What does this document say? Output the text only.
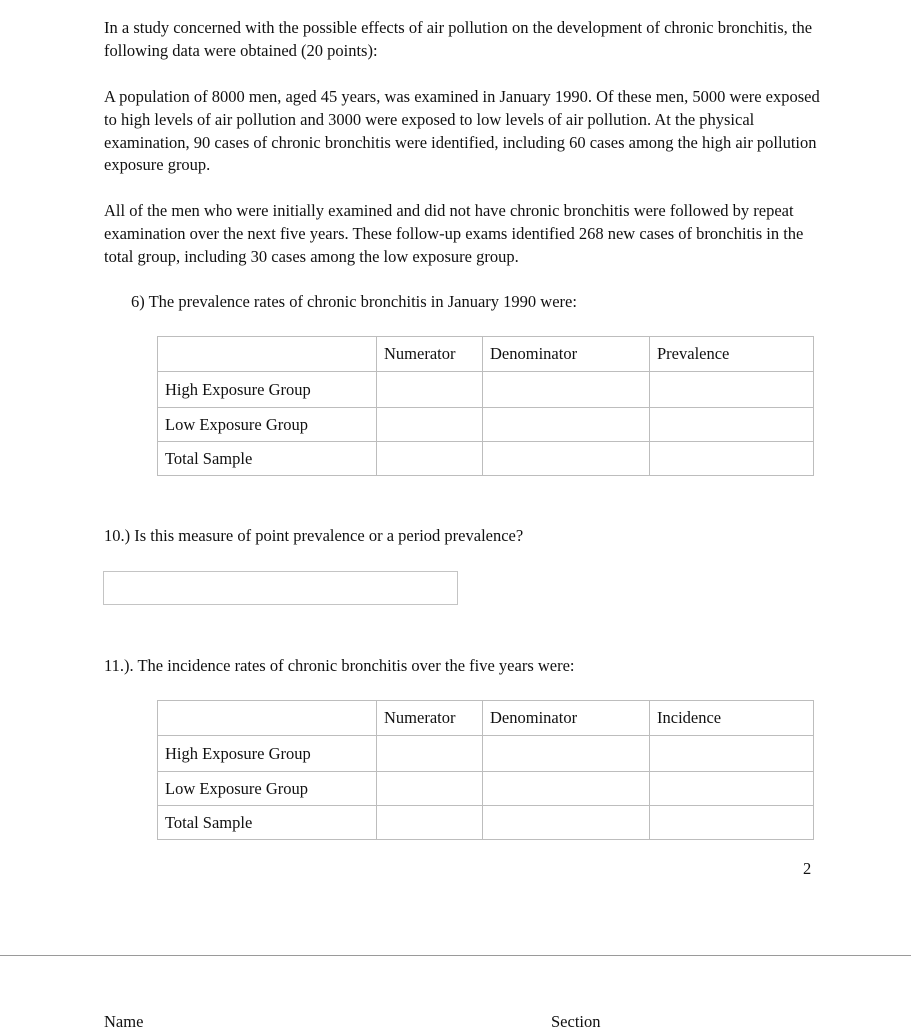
In a study concerned with the possible effects of air pollution on the development of chronic bronchitis, the following data were obtained (20 points):

A population of 8000 men, aged 45 years, was examined in January 1990. Of these men, 5000 were exposed to high levels of air pollution and 3000 were exposed to low levels of air pollution. At the physical examination, 90 cases of chronic bronchitis were identified, including 60 cases among the high air pollution exposure group.

All of the men who were initially examined and did not have chronic bronchitis were followed by repeat examination over the next five years. These follow-up exams identified 268 new cases of bronchitis in the total group, including 30 cases among the low exposure group.

6) The prevalence rates of chronic bronchitis in January 1990 were:

	Numerator	Denominator	Prevalence
High Exposure Group			
Low Exposure Group			
Total Sample			

10.) Is this measure of point prevalence or a period prevalence?

11.). The incidence rates of chronic bronchitis over the five years were:

	Numerator	Denominator	Incidence
High Exposure Group			
Low Exposure Group			
Total Sample			
2
Name	Section
